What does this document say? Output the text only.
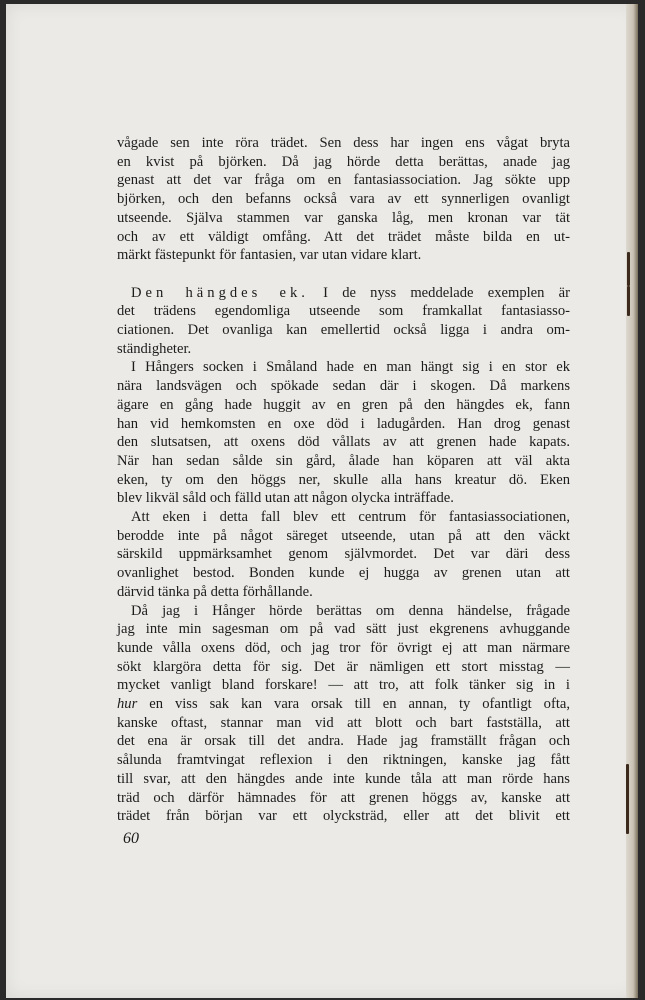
vågade sen inte röra trädet. Sen dess har ingen ens vågat bryta
en kvist på björken. Då jag hörde detta berättas, anade jag
genast att det var fråga om en fantasiassociation. Jag sökte upp
björken, och den befanns också vara av ett synnerligen ovanligt
utseende. Själva stammen var ganska låg, men kronan var tät
och av ett väldigt omfång. Att det trädet måste bilda en ut-
märkt fästepunkt för fantasien, var utan vidare klart.

Den hängdes ek. I de nyss meddelade exemplen är
det trädens egendomliga utseende som framkallat fantasiasso-
ciationen. Det ovanliga kan emellertid också ligga i andra om-
ständigheter.

I Hångers socken i Småland hade en man hängt sig i en stor ek
nära landsvägen och spökade sedan där i skogen. Då markens
ägare en gång hade huggit av en gren på den hängdes ek, fann
han vid hemkomsten en oxe död i ladugården. Han drog genast
den slutsatsen, att oxens död vållats av att grenen hade kapats.
När han sedan sålde sin gård, ålade han köparen att väl akta
eken, ty om den höggs ner, skulle alla hans kreatur dö. Eken
blev likväl såld och fälld utan att någon olycka inträffade.

Att eken i detta fall blev ett centrum för fantasiassociationen,
berodde inte på något säreget utseende, utan på att den väckt
särskild uppmärksamhet genom självmordet. Det var däri dess
ovanlighet bestod. Bonden kunde ej hugga av grenen utan att
därvid tänka på detta förhållande.

Då jag i Hånger hörde berättas om denna händelse, frågade
jag inte min sagesman om på vad sätt just ekgrenens avhuggande
kunde vålla oxens död, och jag tror för övrigt ej att man närmare
sökt klargöra detta för sig. Det är nämligen ett stort misstag —
mycket vanligt bland forskare! — att tro, att folk tänker sig in i
hur en viss sak kan vara orsak till en annan, ty ofantligt ofta,
kanske oftast, stannar man vid att blott och bart fastställa, att
det ena är orsak till det andra. Hade jag framställt frågan och
sålunda framtvingat reflexion i den riktningen, kanske jag fått
till svar, att den hängdes ande inte kunde tåla att man rörde hans
träd och därför hämnades för att grenen höggs av, kanske att
trädet från början var ett olycksträd, eller att det blivit ett

60
